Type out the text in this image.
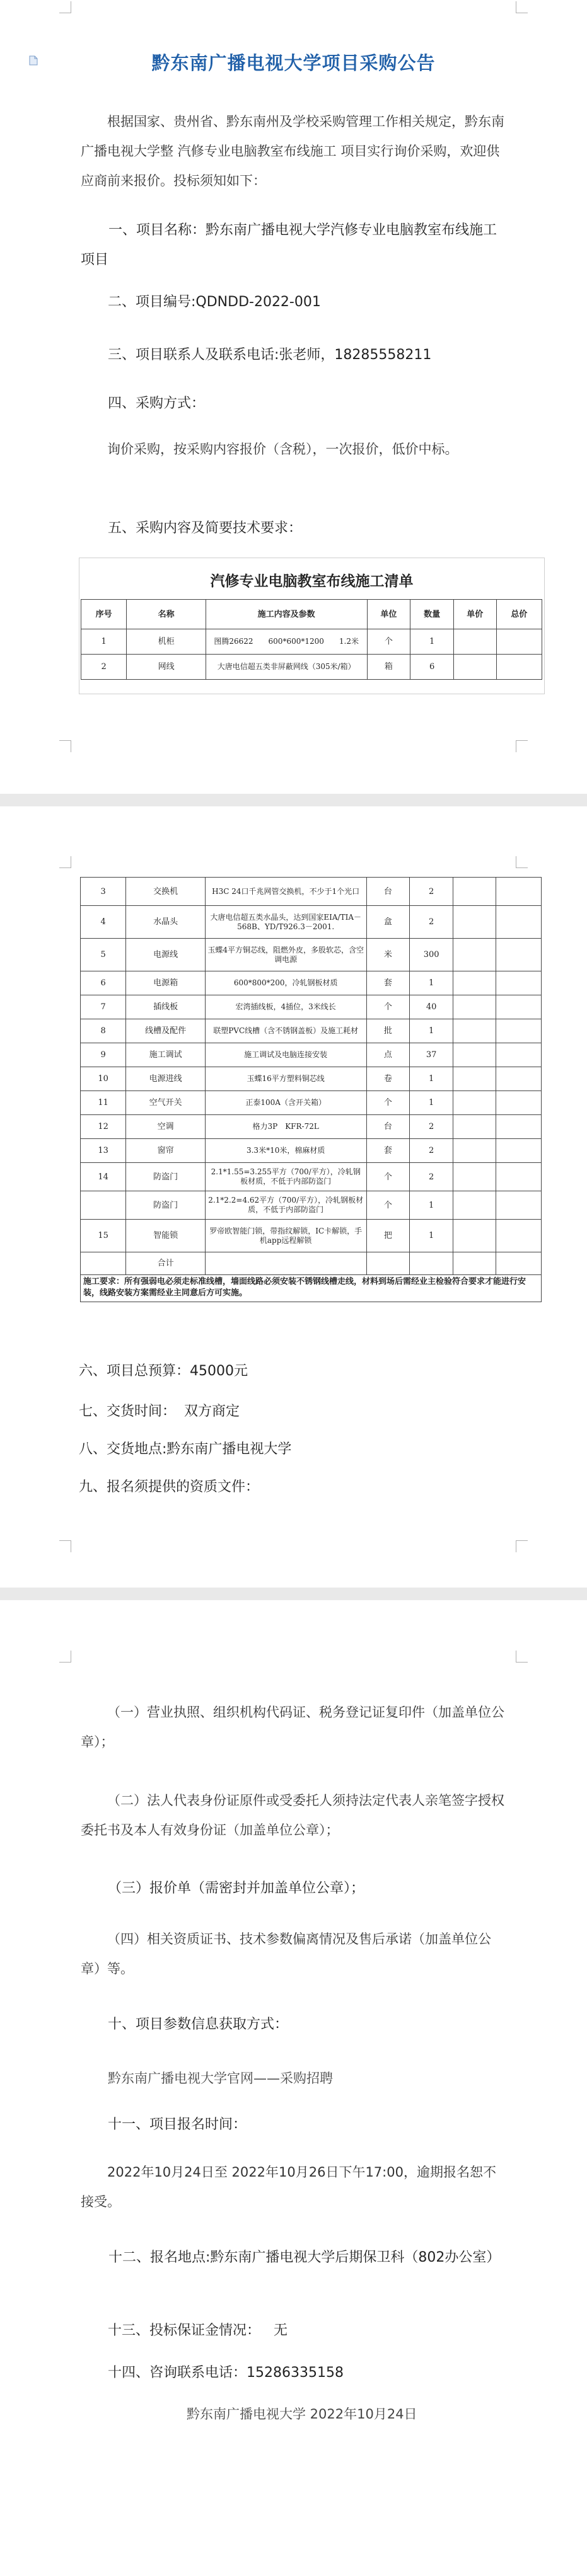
黔东南广播电视大学项目采购公告
根据国家、贵州省、黔东南州及学校采购管理工作相关规定，黔东南广播电视大学整 汽修专业电脑教室布线施工 项目实行询价采购，欢迎供应商前来报价。投标须知如下：
一、项目名称：黔东南广播电视大学汽修专业电脑教室布线施工项目
二、项目编号:QDNDD-2022-001
三、项目联系人及联系电话:张老师，18285558211
四、采购方式：
询价采购，按采购内容报价（含税），一次报价，低价中标。
五、采购内容及简要技术要求：
汽修专业电脑教室布线施工清单
序号	名称	施工内容及参数	单位	数量	单价	总价
1	机柜	图腾26622　　600*600*1200　　1.2米	个	1		
2	网线	大唐电信超五类非屏蔽网线（305米/箱）	箱	6		
3	交换机	H3C 24口千兆网管交换机，不少于1个光口	台	2		
4	水晶头	大唐电信超五类水晶头，达到国家EIA/TIA－568B、YD/T926.3－2001.	盒	2		
5	电源线	玉蝶4平方铜芯线，阻燃外皮，多股软芯，含空调电源	米	300		
6	电源箱	600*800*200，冷轧钢板材质	套	1		
7	插线板	宏湾插线板，4插位，3米线长	个	40		
8	线槽及配件	联塑PVC线槽（含不锈钢盖板）及施工耗材	批	1		
9	施工调试	施工调试及电脑连接安装	点	37		
10	电源进线	玉蝶16平方塑料铜芯线	卷	1		
11	空气开关	正泰100A（含开关箱）	个	1		
12	空调	格力3P　KFR-72L	台	2		
13	窗帘	3.3米*10米，棉麻材质	套	2		
14	防盗门	2.1*1.55=3.255平方（700/平方），冷轧钢板材质，不低于内部防盗门	个	2		
	防盗门	2.1*2.2=4.62平方（700/平方），冷轧钢板材质，不低于内部防盗门	个	1		
15	智能锁	罗帝欧智能门锁，带指纹解锁，IC卡解锁，手机app远程解锁	把	1		
	合计					
施工要求：所有强弱电必须走标准线槽，墙面线路必须安装不锈钢线槽走线，材料到场后需经业主检验符合要求才能进行安装，线路安装方案需经业主同意后方可实施。
六、项目总预算：45000元
七、交货时间： 双方商定
八、交货地点:黔东南广播电视大学
九、报名须提供的资质文件：
（一）营业执照、组织机构代码证、税务登记证复印件（加盖单位公章）；
（二）法人代表身份证原件或受委托人须持法定代表人亲笔签字授权委托书及本人有效身份证（加盖单位公章）；
（三）报价单（需密封并加盖单位公章）；
（四）相关资质证书、技术参数偏离情况及售后承诺（加盖单位公章）等。
十、项目参数信息获取方式：
黔东南广播电视大学官网——采购招聘
十一、项目报名时间：
2022年10月24日至 2022年10月26日下午17:00，逾期报名恕不接受。
十二、报名地点:黔东南广播电视大学后期保卫科（802办公室）
十三、投标保证金情况： 无
十四、咨询联系电话：15286335158
黔东南广播电视大学 2022年10月24日
